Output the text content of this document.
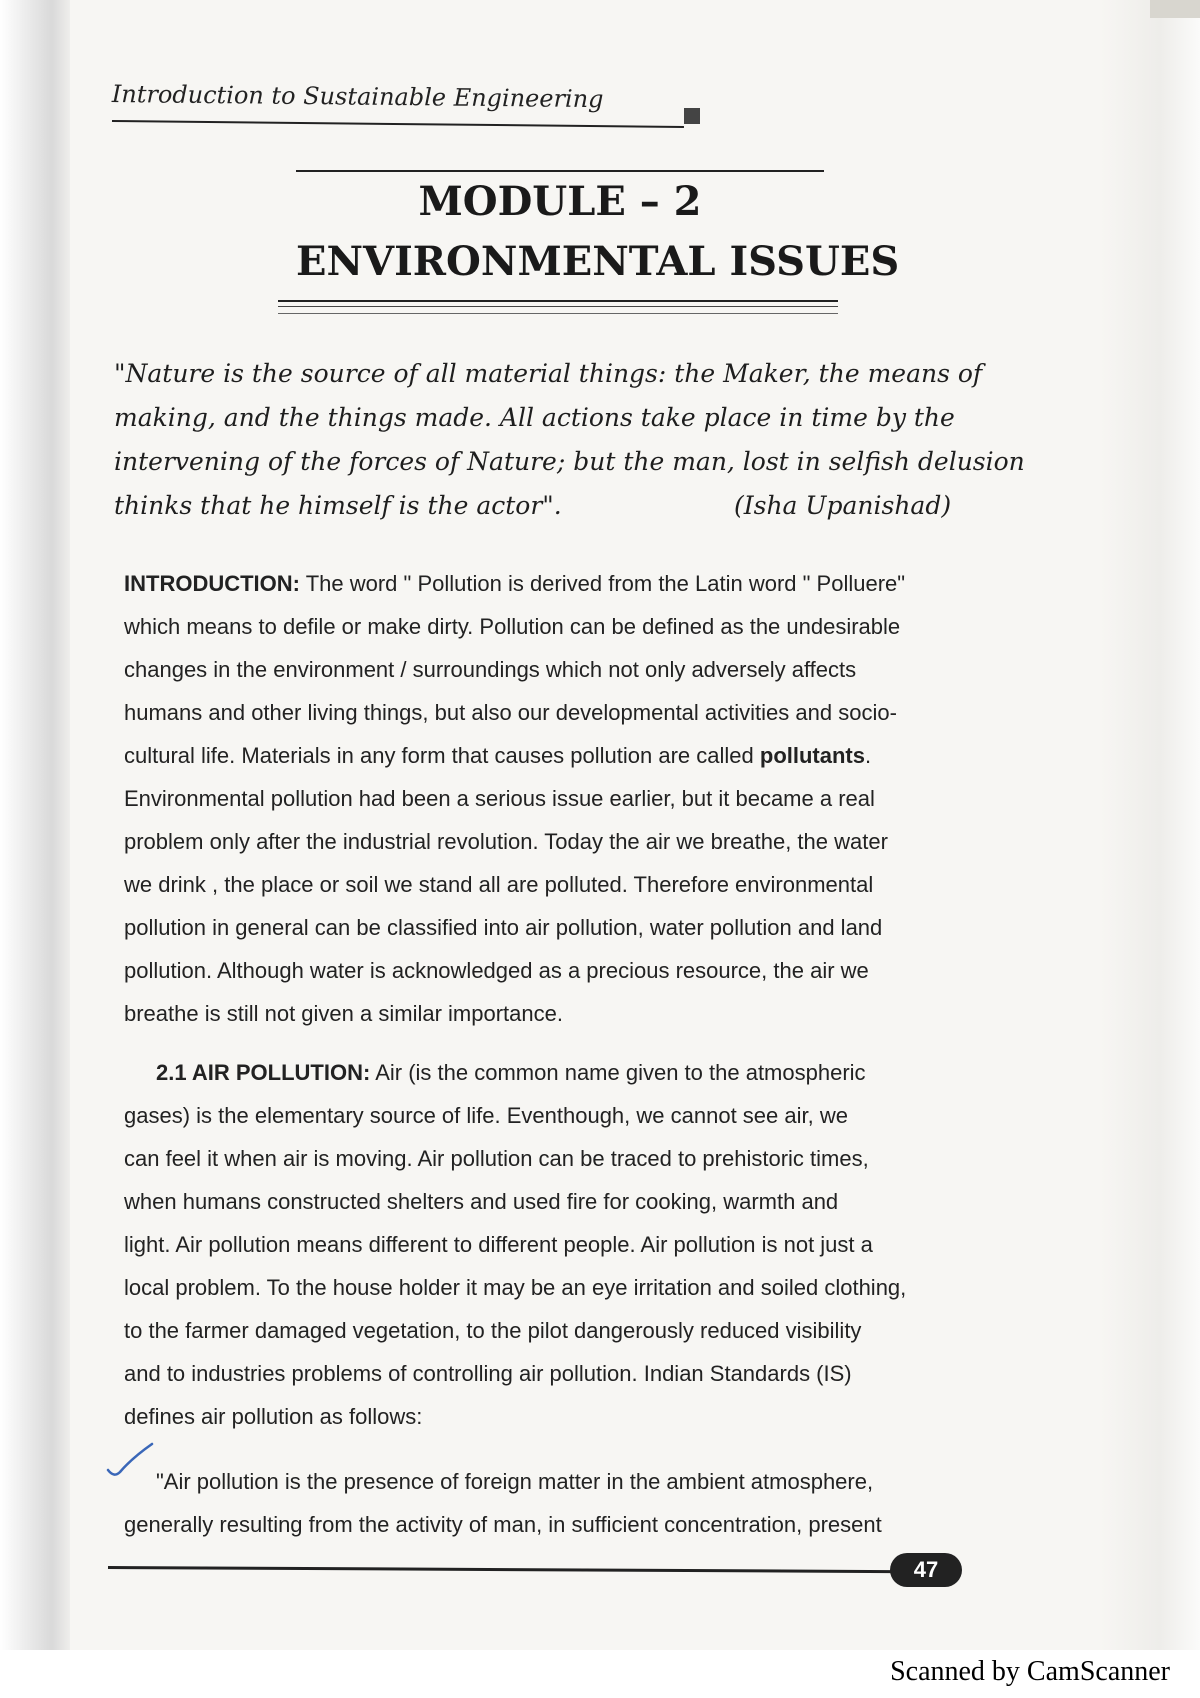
Introduction to Sustainable Engineering
MODULE – 2
ENVIRONMENTAL ISSUES

"Nature is the source of all material things: the Maker, the means of

making, and the things made. All actions take place in time by the

intervening of the forces of Nature; but the man, lost in selfish delusion

thinks that he himself is the actor".	(Isha Upanishad)

INTRODUCTION: The word " Pollution is derived from the Latin word " Polluere"
which means to defile or make dirty. Pollution can be defined as the undesirable
changes in the environment / surroundings which not only adversely affects
humans and other living things, but also our developmental activities and socio-
cultural life. Materials in any form that causes pollution are called pollutants.
Environmental pollution had been a serious issue earlier, but it became a real
problem only after the industrial revolution. Today the air we breathe, the water
we drink , the place or soil we stand all are polluted. Therefore environmental
pollution in general can be classified into air pollution, water pollution and land
pollution. Although water is acknowledged as a precious resource, the air we
breathe is still not given a similar importance.
2.1 AIR POLLUTION: Air (is the common name given to the atmospheric
gases) is the elementary source of life. Eventhough, we cannot see air, we
can feel it when air is moving. Air pollution can be traced to prehistoric times,
when humans constructed shelters and used fire for cooking, warmth and
light. Air pollution means different to different people. Air pollution is not just a
local problem. To the house holder it may be an eye irritation and soiled clothing,
to the farmer damaged vegetation, to the pilot dangerously reduced visibility
and to industries problems of controlling air pollution. Indian Standards (IS)
defines air pollution as follows:
"Air pollution is the presence of foreign matter in the ambient atmosphere,
generally resulting from the activity of man, in sufficient concentration, present
47
Scanned by CamScanner
